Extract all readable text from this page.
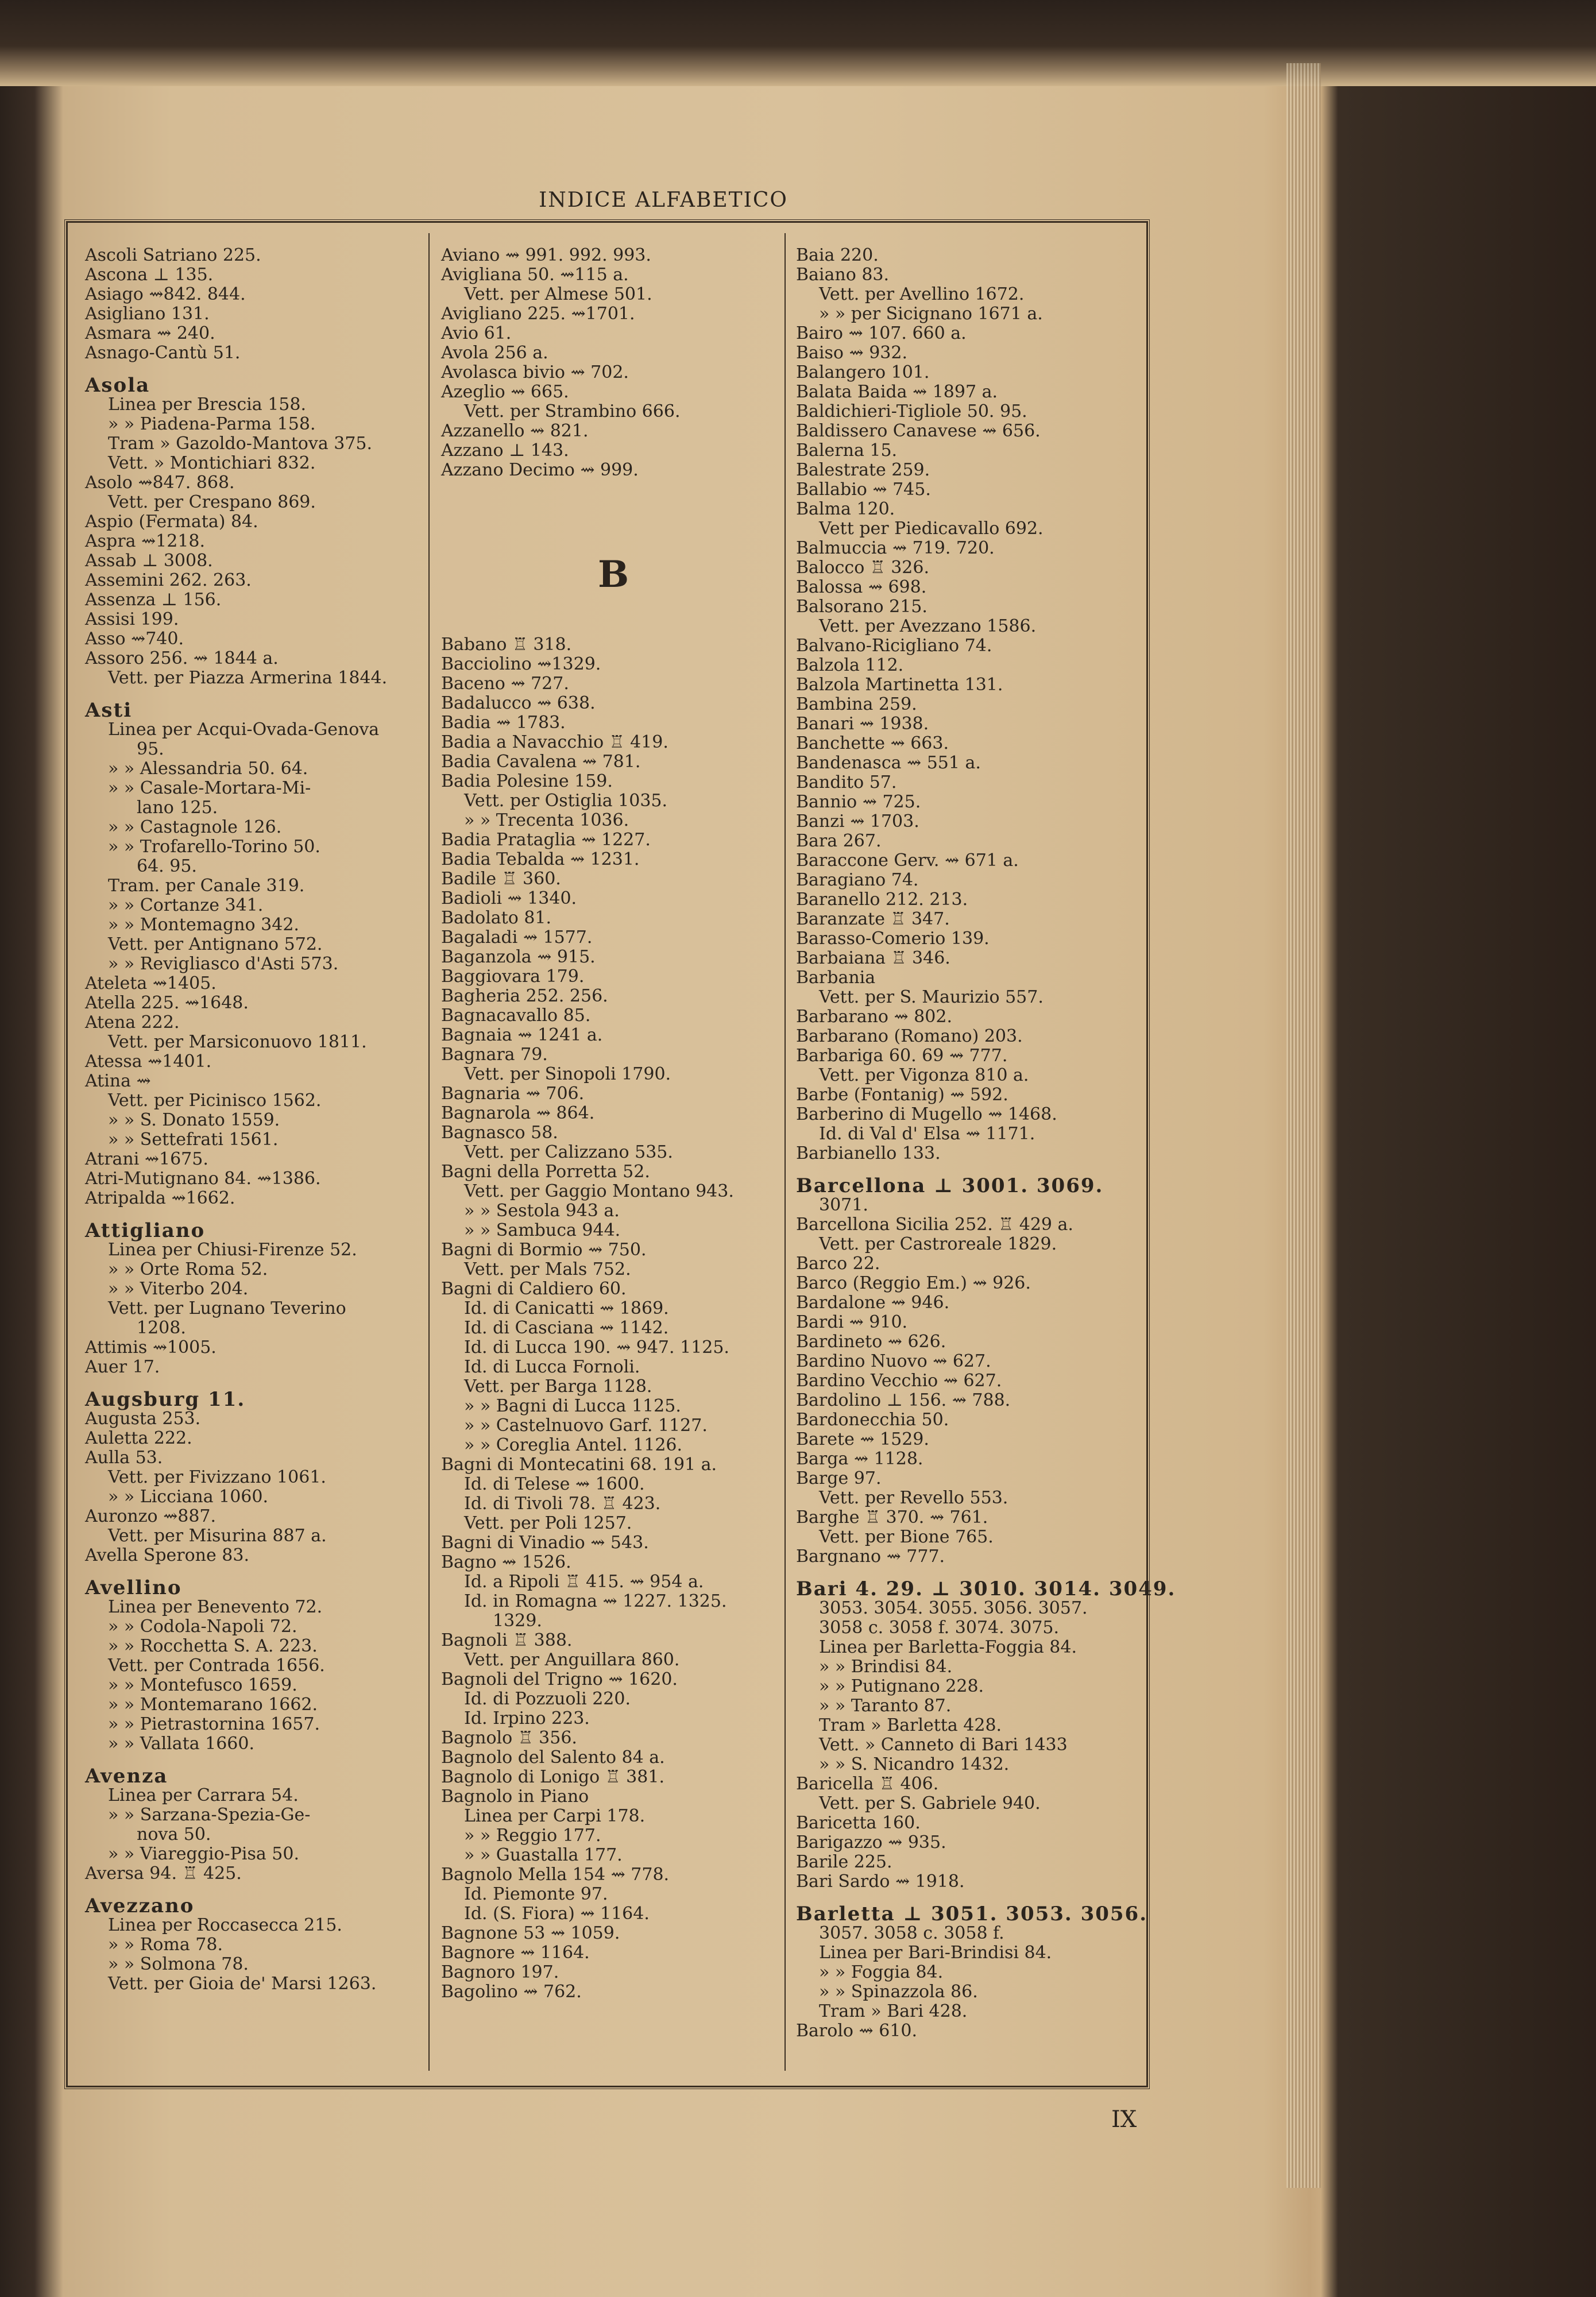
INDICE ALFABETICO

Ascoli Satriano 225.

Ascona ⊥ 135.

Asiago ⇝842. 844.

Asigliano 131.

Asmara ⇝ 240.

Asnago-Cantù 51.

Asola

Linea per Brescia 158.

» » Piadena-Parma 158.

Tram » Gazoldo-Mantova 375.

Vett. » Montichiari 832.

Asolo ⇝847. 868.

Vett. per Crespano 869.

Aspio (Fermata) 84.

Aspra ⇝1218.

Assab ⊥ 3008.

Assemini 262. 263.

Assenza ⊥ 156.

Assisi 199.

Asso ⇝740.

Assoro 256. ⇝ 1844 a.

Vett. per Piazza Armerina 1844.

Asti

Linea per Acqui-Ovada-Genova

95.

» » Alessandria 50. 64.

» » Casale-Mortara-Mi-

lano 125.

» » Castagnole 126.

» » Trofarello-Torino 50.

64. 95.

Tram. per Canale 319.

» » Cortanze 341.

» » Montemagno 342.

Vett. per Antignano 572.

» » Revigliasco d'Asti 573.

Ateleta ⇝1405.

Atella 225. ⇝1648.

Atena 222.

Vett. per Marsiconuovo 1811.

Atessa ⇝1401.

Atina ⇝

Vett. per Picinisco 1562.

» » S. Donato 1559.

» » Settefrati 1561.

Atrani ⇝1675.

Atri-Mutignano 84. ⇝1386.

Atripalda ⇝1662.

Attigliano

Linea per Chiusi-Firenze 52.

» » Orte Roma 52.

» » Viterbo 204.

Vett. per Lugnano Teverino

1208.

Attimis ⇝1005.

Auer 17.

Augsburg 11.

Augusta 253.

Auletta 222.

Aulla 53.

Vett. per Fivizzano 1061.

» » Licciana 1060.

Auronzo ⇝887.

Vett. per Misurina 887 a.

Avella Sperone 83.

Avellino

Linea per Benevento 72.

» » Codola-Napoli 72.

» » Rocchetta S. A. 223.

Vett. per Contrada 1656.

» » Montefusco 1659.

» » Montemarano 1662.

» » Pietrastornina 1657.

» » Vallata 1660.

Avenza

Linea per Carrara 54.

» » Sarzana-Spezia-Ge-

nova 50.

» » Viareggio-Pisa 50.

Aversa 94. ♖ 425.

Avezzano

Linea per Roccasecca 215.

» » Roma 78.

» » Solmona 78.

Vett. per Gioia de' Marsi 1263.

Aviano ⇝ 991. 992. 993.

Avigliana 50. ⇝115 a.

Vett. per Almese 501.

Avigliano 225. ⇝1701.

Avio 61.

Avola 256 a.

Avolasca bivio ⇝ 702.

Azeglio ⇝ 665.

Vett. per Strambino 666.

Azzanello ⇝ 821.

Azzano ⊥ 143.

Azzano Decimo ⇝ 999.

B

Babano ♖ 318.

Bacciolino ⇝1329.

Baceno ⇝ 727.

Badalucco ⇝ 638.

Badia ⇝ 1783.

Badia a Navacchio ♖ 419.

Badia Cavalena ⇝ 781.

Badia Polesine 159.

Vett. per Ostiglia 1035.

» » Trecenta 1036.

Badia Prataglia ⇝ 1227.

Badia Tebalda ⇝ 1231.

Badile ♖ 360.

Badioli ⇝ 1340.

Badolato 81.

Bagaladi ⇝ 1577.

Baganzola ⇝ 915.

Baggiovara 179.

Bagheria 252. 256.

Bagnacavallo 85.

Bagnaia ⇝ 1241 a.

Bagnara 79.

Vett. per Sinopoli 1790.

Bagnaria ⇝ 706.

Bagnarola ⇝ 864.

Bagnasco 58.

Vett. per Calizzano 535.

Bagni della Porretta 52.

Vett. per Gaggio Montano 943.

» » Sestola 943 a.

» » Sambuca 944.

Bagni di Bormio ⇝ 750.

Vett. per Mals 752.

Bagni di Caldiero 60.

Id. di Canicatti ⇝ 1869.

Id. di Casciana ⇝ 1142.

Id. di Lucca 190. ⇝ 947. 1125.

Id. di Lucca Fornoli.

Vett. per Barga 1128.

» » Bagni di Lucca 1125.

» » Castelnuovo Garf. 1127.

» » Coreglia Antel. 1126.

Bagni di Montecatini 68. 191 a.

Id. di Telese ⇝ 1600.

Id. di Tivoli 78. ♖ 423.

Vett. per Poli 1257.

Bagni di Vinadio ⇝ 543.

Bagno ⇝ 1526.

Id. a Ripoli ♖ 415. ⇝ 954 a.

Id. in Romagna ⇝ 1227. 1325.

1329.

Bagnoli ♖ 388.

Vett. per Anguillara 860.

Bagnoli del Trigno ⇝ 1620.

Id. di Pozzuoli 220.

Id. Irpino 223.

Bagnolo ♖ 356.

Bagnolo del Salento 84 a.

Bagnolo di Lonigo ♖ 381.

Bagnolo in Piano

Linea per Carpi 178.

» » Reggio 177.

» » Guastalla 177.

Bagnolo Mella 154 ⇝ 778.

Id. Piemonte 97.

Id. (S. Fiora) ⇝ 1164.

Bagnone 53 ⇝ 1059.

Bagnore ⇝ 1164.

Bagnoro 197.

Bagolino ⇝ 762.

Baia 220.

Baiano 83.

Vett. per Avellino 1672.

» » per Sicignano 1671 a.

Bairo ⇝ 107. 660 a.

Baiso ⇝ 932.

Balangero 101.

Balata Baida ⇝ 1897 a.

Baldichieri-Tigliole 50. 95.

Baldissero Canavese ⇝ 656.

Balerna 15.

Balestrate 259.

Ballabio ⇝ 745.

Balma 120.

Vett per Piedicavallo 692.

Balmuccia ⇝ 719. 720.

Balocco ♖ 326.

Balossa ⇝ 698.

Balsorano 215.

Vett. per Avezzano 1586.

Balvano-Ricigliano 74.

Balzola 112.

Balzola Martinetta 131.

Bambina 259.

Banari ⇝ 1938.

Banchette ⇝ 663.

Bandenasca ⇝ 551 a.

Bandito 57.

Bannio ⇝ 725.

Banzi ⇝ 1703.

Bara 267.

Baraccone Gerv. ⇝ 671 a.

Baragiano 74.

Baranello 212. 213.

Baranzate ♖ 347.

Barasso-Comerio 139.

Barbaiana ♖ 346.

Barbania

Vett. per S. Maurizio 557.

Barbarano ⇝ 802.

Barbarano (Romano) 203.

Barbariga 60. 69 ⇝ 777.

Vett. per Vigonza 810 a.

Barbe (Fontanig) ⇝ 592.

Barberino di Mugello ⇝ 1468.

Id. di Val d' Elsa ⇝ 1171.

Barbianello 133.

Barcellona ⊥ 3001. 3069.

3071.

Barcellona Sicilia 252. ♖ 429 a.

Vett. per Castroreale 1829.

Barco 22.

Barco (Reggio Em.) ⇝ 926.

Bardalone ⇝ 946.

Bardi ⇝ 910.

Bardineto ⇝ 626.

Bardino Nuovo ⇝ 627.

Bardino Vecchio ⇝ 627.

Bardolino ⊥ 156. ⇝ 788.

Bardonecchia 50.

Barete ⇝ 1529.

Barga ⇝ 1128.

Barge 97.

Vett. per Revello 553.

Barghe ♖ 370. ⇝ 761.

Vett. per Bione 765.

Bargnano ⇝ 777.

Bari 4. 29. ⊥ 3010. 3014. 3049.

3053. 3054. 3055. 3056. 3057.

3058 c. 3058 f. 3074. 3075.

Linea per Barletta-Foggia 84.

» » Brindisi 84.

» » Putignano 228.

» » Taranto 87.

Tram » Barletta 428.

Vett. » Canneto di Bari 1433

» » S. Nicandro 1432.

Baricella ♖ 406.

Vett. per S. Gabriele 940.

Baricetta 160.

Barigazzo ⇝ 935.

Barile 225.

Bari Sardo ⇝ 1918.

Barletta ⊥ 3051. 3053. 3056.

3057. 3058 c. 3058 f.

Linea per Bari-Brindisi 84.

» » Foggia 84.

» » Spinazzola 86.

Tram » Bari 428.

Barolo ⇝ 610.

IX
